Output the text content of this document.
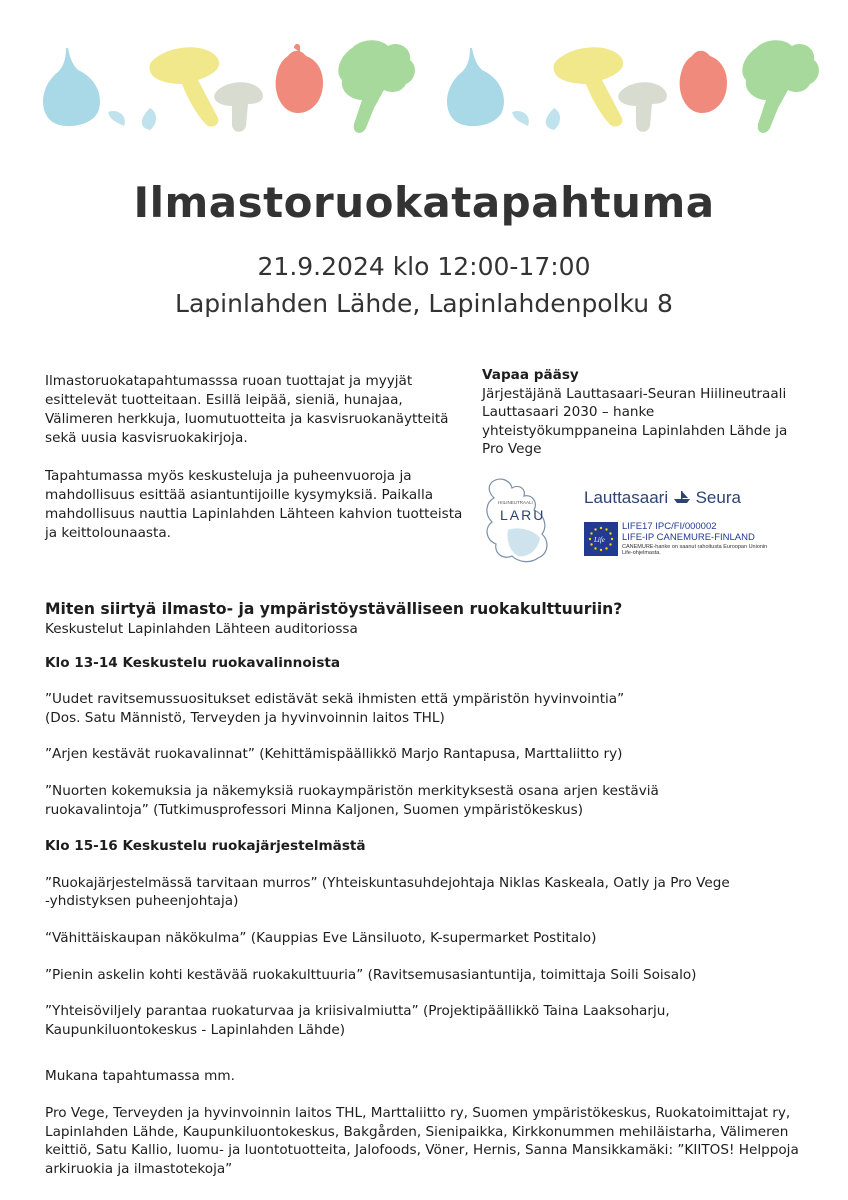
Ilmastoruokatapahtuma
21.9.2024 klo 12:00-17:00
Lapinlahden Lähde, Lapinlahdenpolku 8

Ilmastoruokatapahtumasssa ruoan tuottajat ja myyjät esittelevät tuotteitaan. Esillä leipää, sieniä, hunajaa, Välimeren herkkuja, luomutuotteita ja kasvisruokanäytteitä sekä uusia kasvisruokakirjoja.

Tapahtumassa myös keskusteluja ja puheenvuoroja ja mahdollisuus esittää asiantuntijoille kysymyksiä. Paikalla mahdollisuus nauttia Lapinlahden Lähteen kahvion tuotteista ja keittolounaasta.

Vapaa pääsy
Järjestäjänä Lauttasaari-Seuran Hiilineutraali Lauttasaari 2030 – hanke yhteistyökumppaneina Lapinlahden Lähde ja Pro Vege
HIILINEUTRAALI
LARU
Lauttasaari Seura
Life
LIFE17 IPC/FI/000002
LIFE-IP CANEMURE-FINLAND
CANEMURE-hanke on saanut rahoitusta Euroopan Unionin Life-ohjelmasta.

Miten siirtyä ilmasto- ja ympäristöystävälliseen ruokakulttuuriin?

Keskustelut Lapinlahden Lähteen auditoriossa

Klo 13-14 Keskustelu ruokavalinnoista

”Uudet ravitsemussuositukset edistävät sekä ihmisten että ympäristön hyvinvointia”

(Dos. Satu Männistö, Terveyden ja hyvinvoinnin laitos THL)

”Arjen kestävät ruokavalinnat” (Kehittämispäällikkö Marjo Rantapusa, Marttaliitto ry)

”Nuorten kokemuksia ja näkemyksiä ruokaympäristön merkityksestä osana arjen kestäviä

ruokavalintoja” (Tutkimusprofessori Minna Kaljonen, Suomen ympäristökeskus)

Klo 15-16 Keskustelu ruokajärjestelmästä

”Ruokajärjestelmässä tarvitaan murros” (Yhteiskuntasuhdejohtaja Niklas Kaskeala, Oatly ja Pro Vege

-yhdistyksen puheenjohtaja)

“Vähittäiskaupan näkökulma” (Kauppias Eve Länsiluoto, K-supermarket Postitalo)

”Pienin askelin kohti kestävää ruokakulttuuria” (Ravitsemusasiantuntija, toimittaja Soili Soisalo)

”Yhteisöviljely parantaa ruokaturvaa ja kriisivalmiutta” (Projektipäällikkö Taina Laaksoharju,

Kaupunkiluontokeskus - Lapinlahden Lähde)

Mukana tapahtumassa mm.

Pro Vege, Terveyden ja hyvinvoinnin laitos THL, Marttaliitto ry, Suomen ympäristökeskus, Ruokatoimittajat ry, Lapinlahden Lähde, Kaupunkiluontokeskus, Bakgården, Sienipaikka, Kirkkonummen mehiläistarha, Välimeren keittiö, Satu Kallio, luomu- ja luontotuotteita, Jalofoods, Vöner, Hernis, Sanna Mansikkamäki: ”KIITOS! Helppoja arkiruokia ja ilmastotekoja”
